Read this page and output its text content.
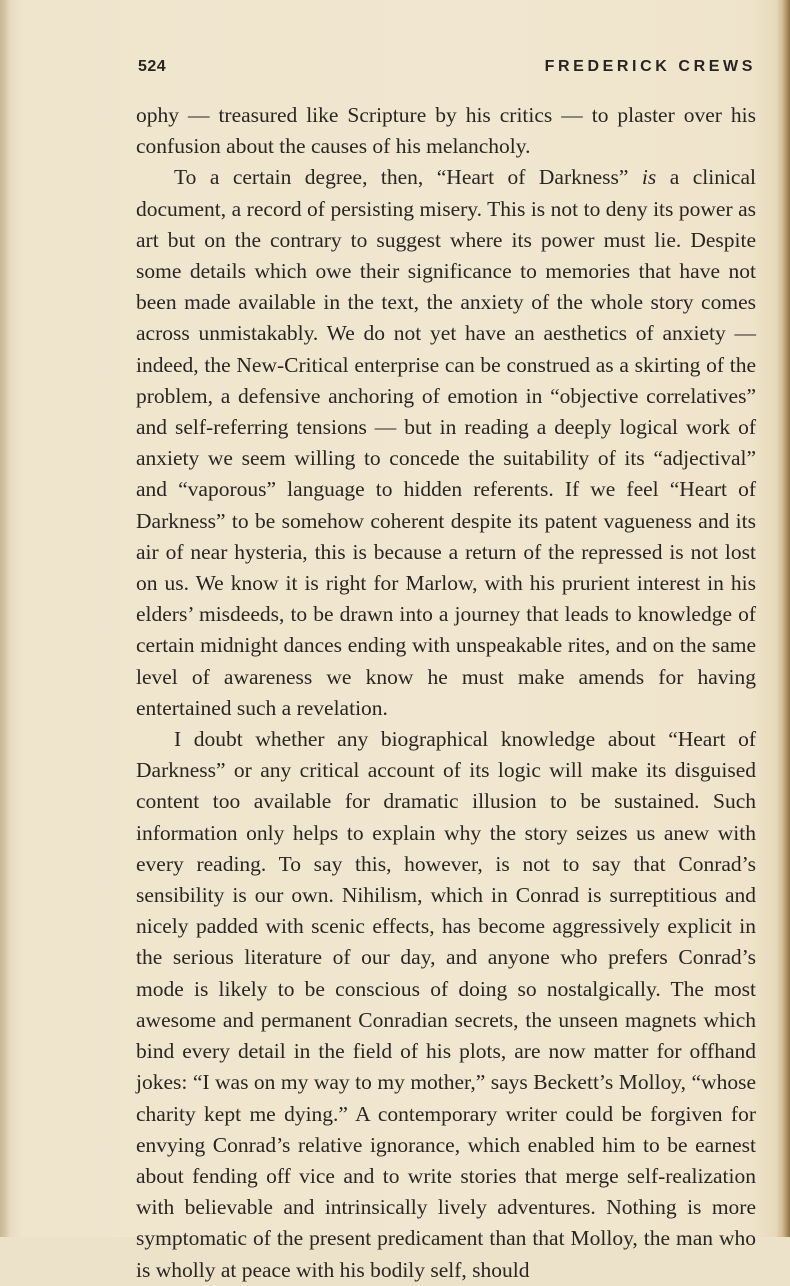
524	FREDERICK CREWS

ophy — treasured like Scripture by his critics — to plaster over his confusion about the causes of his melancholy.

To a certain degree, then, “Heart of Darkness” is a clinical document, a record of persisting misery. This is not to deny its power as art but on the contrary to suggest where its power must lie. Despite some details which owe their significance to memories that have not been made available in the text, the anxiety of the whole story comes across unmistakably. We do not yet have an aesthetics of anxiety — indeed, the New-Critical enterprise can be construed as a skirting of the problem, a defensive anchoring of emotion in “objective correlatives” and self-referring tensions — but in reading a deeply logical work of anxiety we seem willing to concede the suitability of its “adjectival” and “vaporous” language to hidden referents. If we feel “Heart of Darkness” to be somehow coherent despite its patent vagueness and its air of near hysteria, this is because a return of the repressed is not lost on us. We know it is right for Marlow, with his prurient interest in his elders’ misdeeds, to be drawn into a journey that leads to knowledge of certain midnight dances ending with unspeakable rites, and on the same level of awareness we know he must make amends for having entertained such a revelation.

I doubt whether any biographical knowledge about “Heart of Darkness” or any critical account of its logic will make its disguised content too available for dramatic illusion to be sustained. Such information only helps to explain why the story seizes us anew with every reading. To say this, however, is not to say that Conrad’s sensibility is our own. Nihilism, which in Conrad is surreptitious and nicely padded with scenic effects, has become aggressively explicit in the serious literature of our day, and anyone who prefers Conrad’s mode is likely to be conscious of doing so nostalgically. The most awesome and permanent Conradian secrets, the unseen magnets which bind every detail in the field of his plots, are now matter for offhand jokes: “I was on my way to my mother,” says Beckett’s Molloy, “whose charity kept me dying.” A contemporary writer could be forgiven for envying Conrad’s relative ignorance, which enabled him to be earnest about fending off vice and to write stories that merge self-realization with believable and intrinsically lively adventures. Nothing is more symptomatic of the present predicament than that Molloy, the man who is wholly at peace with his bodily self, should
